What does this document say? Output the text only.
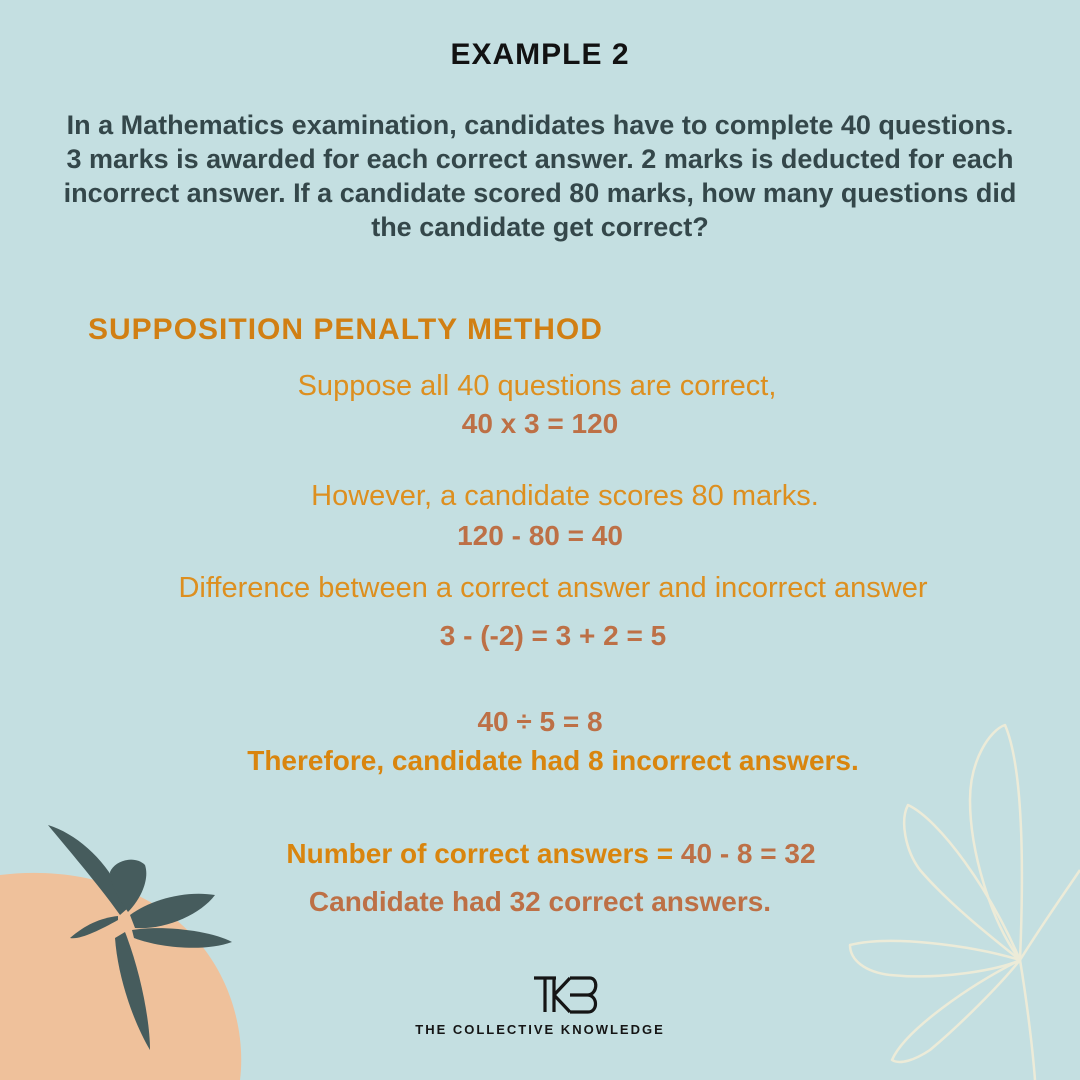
EXAMPLE 2
In a Mathematics examination, candidates have to complete 40 questions. 3 marks is awarded for each correct answer. 2 marks is deducted for each incorrect answer. If a candidate scored 80 marks, how many questions did the candidate get correct?
SUPPOSITION PENALTY METHOD
Suppose all 40 questions are correct,
40 x 3 = 120
However, a candidate scores 80 marks.
120 - 80 = 40
Difference between a correct answer and incorrect answer
3 - (-2) = 3 + 2 = 5
40 ÷ 5 = 8
Therefore, candidate had 8 incorrect answers.
Number of correct answers = 40 - 8 = 32
Candidate had 32 correct answers.
THE COLLECTIVE KNOWLEDGE
